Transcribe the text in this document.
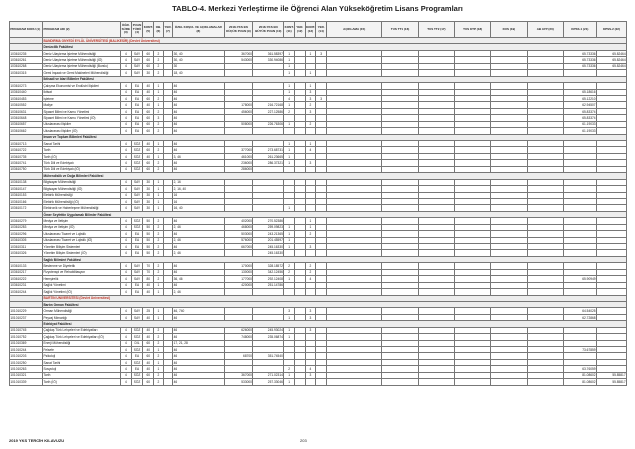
TABLO-4. Merkezi Yerleştirme ile Öğrenci Alan Yükseköğretim Lisans Programları
PROGRAM KODU (1)	PROGRAM ADI (2)	ÖĞR. SÜRE (3)	PUAN TÜRÜ (4)	KONT. (5)	OB. (6)	YER. (7)	ÖZEL KOŞUL VE AÇIKLAMALAR (8)	2018-YKS EN KÜÇÜK PUAN (9)	2018-YKS EN BÜYÜK PUAN (10)	KONT. (11)	YER. (12)	KONT. (13)	YER. (14)	AÇIKLAMA (15)	TUS TT1 (16)	TUS TT2 (17)	TUS KTP (18)	DUS (19)	AB AYP (20)	KPSS-1 (21)	KPSS-2 (22)
	BANDIRMA ONYEDİ EYLÜL ÜNİVERSİTESİ (BALIKESİR) (Devlet Üniversitesi)																				
	Denizcilik Fakültesi																				
103610235	Deniz Ulaştırma İşletme Mühendisliği	4	SAY	60	2		30, 40	367000	361.58397	1		1	3							65.73336	65.82464
103610261	Deniz Ulaştırma İşletme Mühendisliği (İÖ)	4	SAY	60	2		30, 40	543000	330.94086	1										65.73336	65.82464
103610268	Deniz Ulaştırma İşletme Mühendisliği (Burslu)	4	SAY	60	2		30			1										65.73336	65.82464
103610315	Gemi İnşaatı ve Gemi Makineleri Mühendisliği	4	SAY	30	2		18, 40			1		1									
	İktisadi ve İdari Bilimler Fakültesi																				
103610273	Çalışma Ekonomisi ve Endüstri İlişkileri	4	EA	40	1		46			1		1									
103610440	İktisat	4	EA	40	1		46			1		3								65.18616	
103610453	İşletme	4	EA	60	2		46			4		3	3							65.12210	
103610552	Maliye	4	EA	40	1		46	178000	216.72168	1		2								62.94507	
103610631	Siyaset Bilimi ve Kamu Yönetimi	4	EA	60	2		46	456000	227.12586	2		3								65.83374	
103610648	Siyaset Bilimi ve Kamu Yönetimi (İÖ)	4	EA	60	3		46													65.83374	
103610657	Uluslararası İlişkiler	4	EA	60	2		46	508000	226.76306	1		2								61.19033	
103610662	Uluslararası İlişkiler (İÖ)	4	EA	60	2		46													61.19033	
	İnsan ve Toplum Bilimleri Fakültesi																				
103610713	Sanat Tarihi	4	SÖZ	40	1		46			1		1									
103610722	Tarih	4	SÖZ	60	2		46	377000	273.68731	1		4									
103610735	Tarih (İÖ)	4	SÖZ	40	1		3, 46	461000	261.23665	1											
103610741	Türk Dili ve Edebiyatı	4	SÖZ	60	2		46	236000	286.37321	1		3									
103610750	Türk Dili ve Edebiyatı (İÖ)	4	SÖZ	60	2		46	286000													
	Mühendislik ve Doğa Bilimleri Fakültesi																				
103610138	Bilgisayar Mühendisliği	4	SAY	30	1		2, 16														
103610147	Bilgisayar Mühendisliği (İÖ)	4	SAY	30	1		2, 16, 40														
103610153	Elektrik Mühendisliği	4	SAY	30	1		16														
103610166	Elektrik Mühendisliği (İÖ)	4	SAY	30	1		16														
103610172	Elektronik ve Haberleşme Mühendisliği	4	SAY	30	1		16, 40			1											
	Ömer Seyfettin Uygulamalı Bilimler Fakültesi																				
103610279	Medya ve İletişim	4	SÖZ	50	2		46	402000	270.52386			1									
103610283	Medya ve İletişim (İÖ)	4	SÖZ	50	2		2, 46	468000	259.09823	1		1									
103610296	Uluslararası Ticaret ve Lojistik	4	EA	50	2		46	503000	243.21365	1		2									
103610305	Uluslararası Ticaret ve Lojistik (İÖ)	4	EA	50	2		2, 46	576000	201.45597	1											
103610311	Yönetim Bilişim Sistemleri	4	EA	50	2		46	667000	245.16330	1		3									
103610326	Yönetim Bilişim Sistemleri (İÖ)	4	EA	50	2		2, 46		245.16330												
	Sağlık Bilimleri Fakültesi																				
103610133	Beslenme ve Diyetetik	4	SAY	70	2		46	170000	328.18572	2		2									
103610217	Fizyoterapi ve Rehabilitasyon	4	SAY	70	2		46	130000	342.12456	2		2									
103610222	Hemşirelik	4	SAY	80	2		36, 46	177000	292.12408	1		4								65.90949	
103610231	Sağlık Yönetimi	4	EA	40	1		46	420000	251.14786												
103610244	Sağlık Yönetimi (İÖ)	4	EA	40	1		2, 46														
	BARTIN ÜNİVERSİTESİ (Devlet Üniversitesi)																				
	Bartın Orman Fakültesi																				
101010229	Orman Mühendisliği	4	SAY	25	1		46, 740			3		3								64.54025	
101010237	Peyzaj Mimarlığı	4	SAY	40	1		46			1		3								62.72868	
	Edebiyat Fakültesi																				
101010745	Çağdaş Türk Lehçeleri ve Edebiyatları	4	SÖZ	40	2		46	626000	245.93024	1		3									
101010752	Çağdaş Türk Lehçeleri ve Edebiyatları (İÖ)	4	SÖZ	40	2		46	748000	235.06874	1											
101010369	Enerji Mühendisliği	4	DİL	60	2		17, 21, 28														
101010244	Felsefe	4	SÖZ	40	1		46													73.67859	
101010203	Psikoloji	4	EA	60	2		46	68700	351.74540												
101010250	Sanat Tarihi	4	SÖZ	40	1		46														
101010263	Sosyoloji	4	EA	40	1		46			2		4								63.76059	
101010321	Tarih	4	SÖZ	60	2		46	367000	271.02314	1		3								81.08602	55.85817
101010339	Tarih (İÖ)	4	SÖZ	60	2		46	533000	257.33046	1										81.08602	55.85817
2019 YKS TERCİH KILAVUZU	203
